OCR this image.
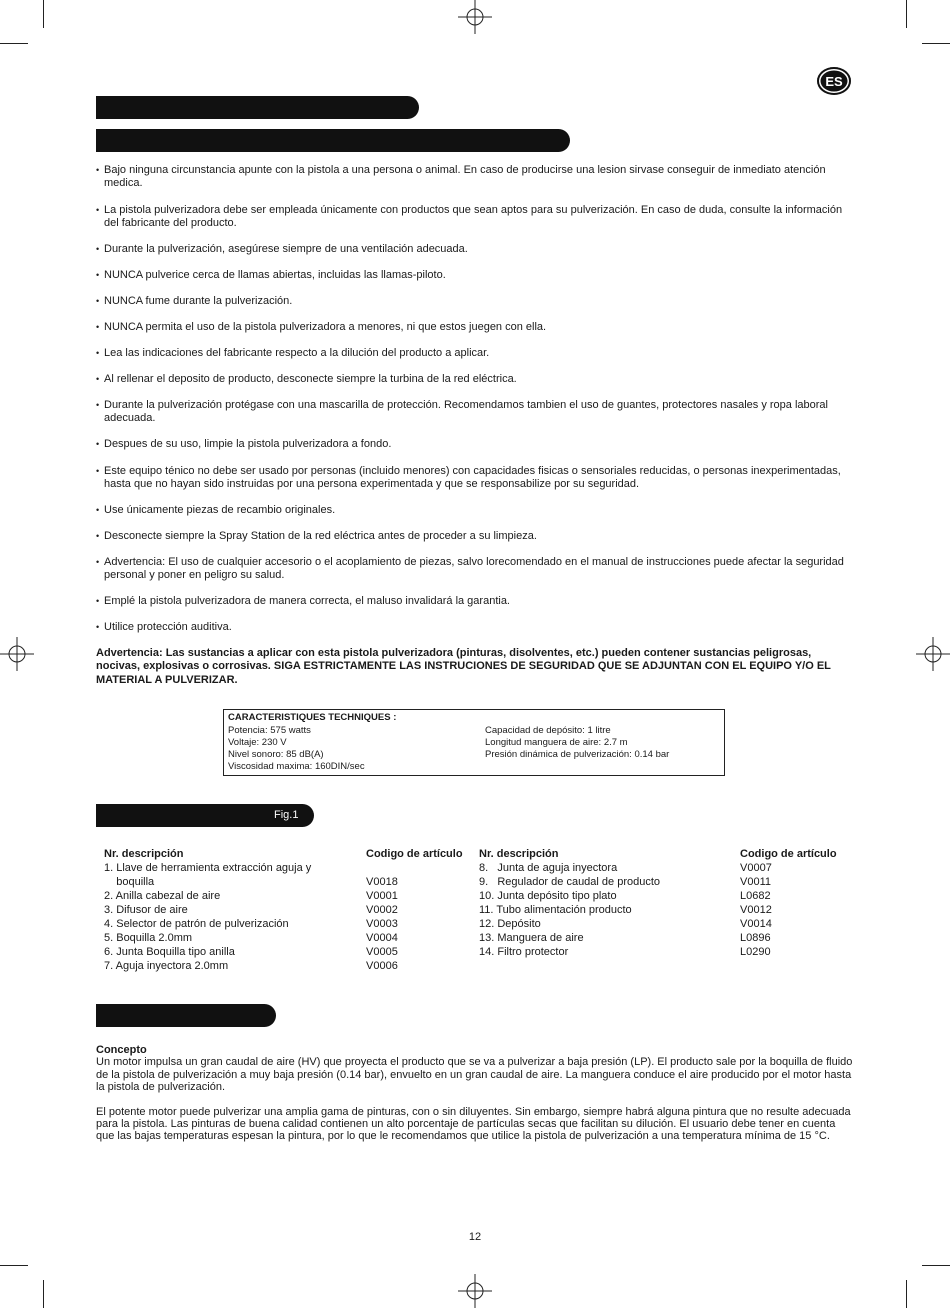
ES
• Bajo ninguna circunstancia apunte con la pistola a una persona o animal. En caso de producirse una lesion sirvase conseguir de inmediato atención medica.
• La pistola pulverizadora debe ser empleada únicamente con productos que sean aptos para su pulverización. En caso de duda, consulte la información del fabricante del producto.
• Durante la pulverización, asegúrese siempre de una ventilación adecuada.
• NUNCA pulverice cerca de llamas abiertas, incluidas las llamas-piloto.
• NUNCA fume durante la pulverización.
• NUNCA permita el uso de la pistola pulverizadora a menores, ni que estos juegen con ella.
• Lea las indicaciones del fabricante respecto a la dilución del producto a aplicar.
• Al rellenar el deposito de producto, desconecte siempre la turbina de la red eléctrica.
• Durante la pulverización protégase con una mascarilla de protección. Recomendamos tambien el uso de guantes, protectores nasales y ropa laboral adecuada.
• Despues de su uso, limpie la pistola pulverizadora a fondo.
• Este equipo ténico no debe ser usado por personas (incluido menores) con capacidades fisicas o sensoriales reducidas, o personas inexperimentadas, hasta que no hayan sido instruidas por una persona experimentada y que se responsabilize por su seguridad.
• Use únicamente piezas de recambio originales.
• Desconecte siempre la Spray Station de la red eléctrica antes de proceder a su limpieza.
• Advertencia: El uso de cualquier accesorio o el acoplamiento de piezas, salvo lorecomendado en el manual de instrucciones puede afectar la seguridad personal y poner en peligro su salud.
• Emplé la pistola pulverizadora de manera correcta, el maluso invalidará la garantia.
• Utilice protección auditiva.
Advertencia: Las sustancias a aplicar con esta pistola pulverizadora (pinturas, disolventes, etc.) pueden contener sustancias peligrosas, nocivas, explosivas o corrosivas. SIGA ESTRICTAMENTE LAS INSTRUCIONES DE SEGURIDAD QUE SE ADJUNTAN CON EL EQUIPO Y/O EL MATERIAL A PULVERIZAR.
CARACTERISTIQUES TECHNIQUES :
Potencia: 575 watts
Voltaje: 230 V
Nivel sonoro: 85 dB(A)
Viscosidad maxima: 160DIN/sec
Capacidad de depósito: 1 litre
Longitud manguera de aire: 2.7 m
Presión dinámica de pulverización: 0.14 bar
Fig.1
Nr. descripción	Codigo de artículo
1. Llave de herramienta extracción aguja y
boquilla	V0018
2. Anilla cabezal de aire	V0001
3. Difusor de aire	V0002
4. Selector de patrón de pulverización	V0003
5. Boquilla 2.0mm	V0004
6. Junta Boquilla tipo anilla	V0005
7. Aguja inyectora 2.0mm	V0006
Nr. descripción	Codigo de artículo
8.   Junta de aguja inyectora	V0007
9.   Regulador de caudal de producto	V0011
10. Junta depósito tipo plato	L0682
11. Tubo alimentación producto	V0012
12. Depósito	V0014
13. Manguera de aire	L0896
14. Filtro protector	L0290
Concepto

Un motor impulsa un gran caudal de aire (HV) que proyecta el producto que se va a pulverizar a baja presión (LP). El producto sale por la boquilla de fluido de la pistola de pulverización a muy baja presión (0.14 bar), envuelto en un gran caudal de aire. La manguera conduce el aire producido por el motor hasta la pistola de pulverización.

El potente motor puede pulverizar una amplia gama de pinturas, con o sin diluyentes. Sin embargo, siempre habrá alguna pintura que no resulte adecuada para la pistola. Las pinturas de buena calidad contienen un alto porcentaje de partículas secas que facilitan su dilución. El usuario debe tener en cuenta que las bajas temperaturas espesan la pintura, por lo que le recomendamos que utilice la pistola de pulverización a una temperatura mínima de 15 °C.

12
